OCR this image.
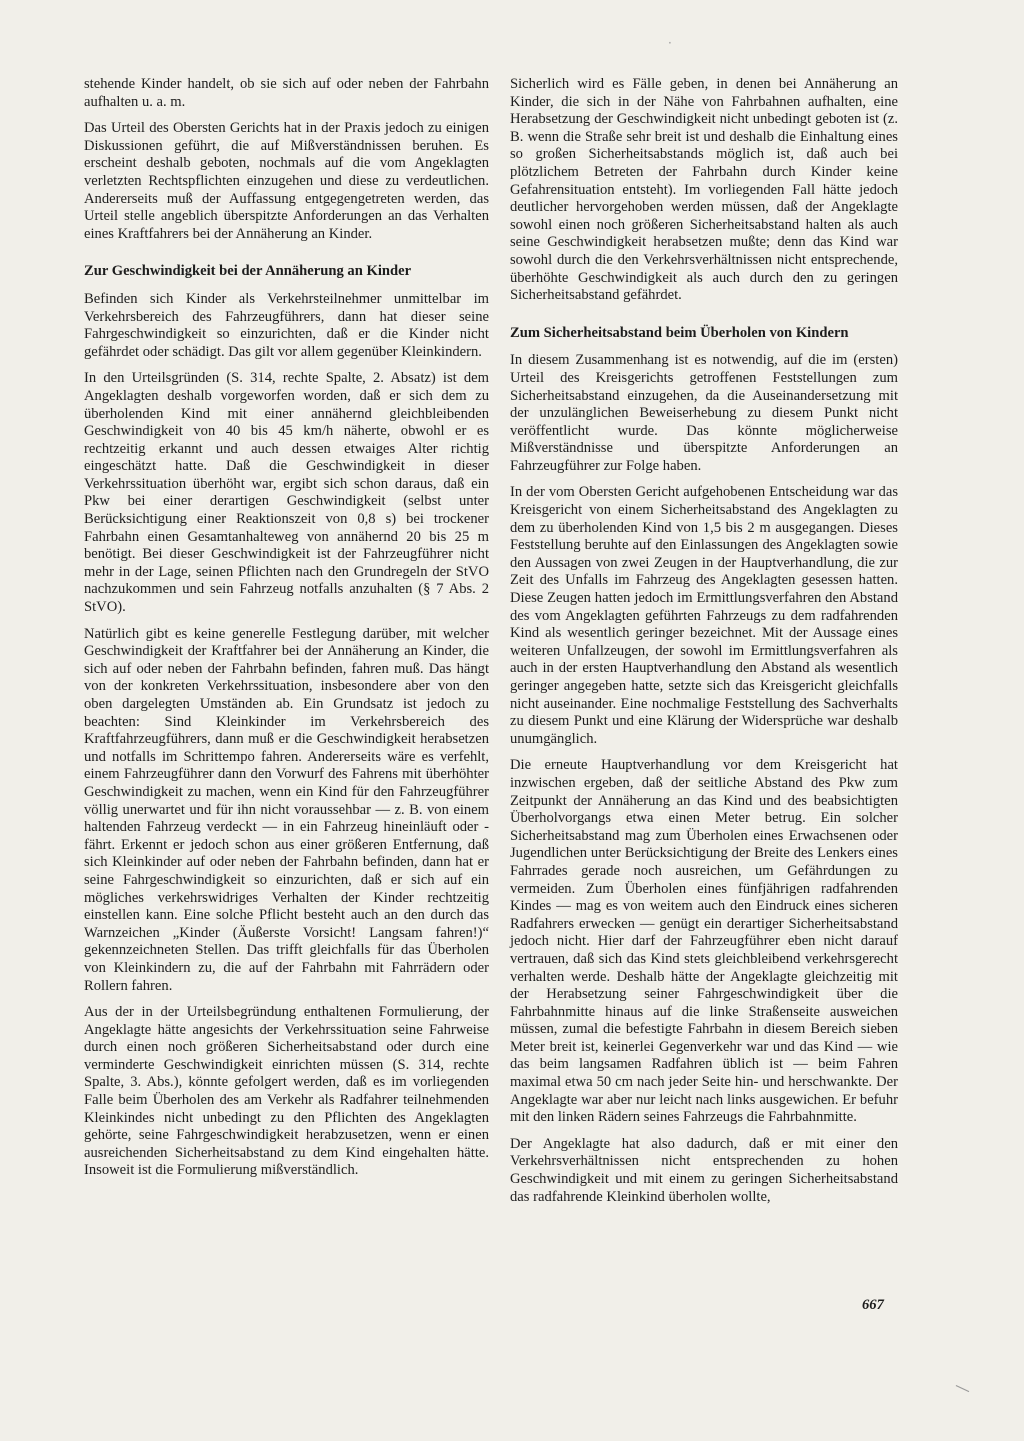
stehende Kinder handelt, ob sie sich auf oder neben der Fahrbahn aufhalten u. a. m.

Das Urteil des Obersten Gerichts hat in der Praxis jedoch zu einigen Diskussionen geführt, die auf Mißverständnissen beruhen. Es erscheint deshalb geboten, nochmals auf die vom Angeklagten verletzten Rechtspflichten einzugehen und diese zu verdeutlichen. Andererseits muß der Auffassung entgegengetreten werden, das Urteil stelle angeblich überspitzte Anforderungen an das Verhalten eines Kraftfahrers bei der Annäherung an Kinder.

Zur Geschwindigkeit bei der Annäherung an Kinder

Befinden sich Kinder als Verkehrsteilnehmer unmittelbar im Verkehrsbereich des Fahrzeugführers, dann hat dieser seine Fahrgeschwindigkeit so einzurichten, daß er die Kinder nicht gefährdet oder schädigt. Das gilt vor allem gegenüber Kleinkindern.

In den Urteilsgründen (S. 314, rechte Spalte, 2. Absatz) ist dem Angeklagten deshalb vorgeworfen worden, daß er sich dem zu überholenden Kind mit einer annähernd gleichbleibenden Geschwindigkeit von 40 bis 45 km/h näherte, obwohl er es rechtzeitig erkannt und auch dessen etwaiges Alter richtig eingeschätzt hatte. Daß die Geschwindigkeit in dieser Verkehrssituation überhöht war, ergibt sich schon daraus, daß ein Pkw bei einer derartigen Geschwindigkeit (selbst unter Berücksichtigung einer Reaktionszeit von 0,8 s) bei trockener Fahrbahn einen Gesamtanhalteweg von annähernd 20 bis 25 m benötigt. Bei dieser Geschwindigkeit ist der Fahrzeugführer nicht mehr in der Lage, seinen Pflichten nach den Grundregeln der StVO nachzukommen und sein Fahrzeug notfalls anzuhalten (§ 7 Abs. 2 StVO).

Natürlich gibt es keine generelle Festlegung darüber, mit welcher Geschwindigkeit der Kraftfahrer bei der Annäherung an Kinder, die sich auf oder neben der Fahrbahn befinden, fahren muß. Das hängt von der konkreten Verkehrssituation, insbesondere aber von den oben dargelegten Umständen ab. Ein Grundsatz ist jedoch zu beachten: Sind Kleinkinder im Verkehrsbereich des Kraftfahrzeugführers, dann muß er die Geschwindigkeit herabsetzen und notfalls im Schrittempo fahren. Andererseits wäre es verfehlt, einem Fahrzeugführer dann den Vorwurf des Fahrens mit überhöhter Geschwindigkeit zu machen, wenn ein Kind für den Fahrzeugführer völlig unerwartet und für ihn nicht voraussehbar — z. B. von einem haltenden Fahrzeug verdeckt — in ein Fahrzeug hineinläuft oder -fährt. Erkennt er jedoch schon aus einer größeren Entfernung, daß sich Kleinkinder auf oder neben der Fahrbahn befinden, dann hat er seine Fahrgeschwindigkeit so einzurichten, daß er sich auf ein mögliches verkehrswidriges Verhalten der Kinder rechtzeitig einstellen kann. Eine solche Pflicht besteht auch an den durch das Warnzeichen „Kinder (Äußerste Vorsicht! Langsam fahren!)“ gekennzeichneten Stellen. Das trifft gleichfalls für das Überholen von Kleinkindern zu, die auf der Fahrbahn mit Fahrrädern oder Rollern fahren.

Aus der in der Urteilsbegründung enthaltenen Formulierung, der Angeklagte hätte angesichts der Verkehrssituation seine Fahrweise durch einen noch größeren Sicherheitsabstand oder durch eine verminderte Geschwindigkeit einrichten müssen (S. 314, rechte Spalte, 3. Abs.), könnte gefolgert werden, daß es im vorliegenden Falle beim Überholen des am Verkehr als Radfahrer teilnehmenden Kleinkindes nicht unbedingt zu den Pflichten des Angeklagten gehörte, seine Fahrgeschwindigkeit herabzusetzen, wenn er einen ausreichenden Sicherheitsabstand zu dem Kind eingehalten hätte. Insoweit ist die Formulierung mißverständlich.

Sicherlich wird es Fälle geben, in denen bei Annäherung an Kinder, die sich in der Nähe von Fahrbahnen aufhalten, eine Herabsetzung der Geschwindigkeit nicht unbedingt geboten ist (z. B. wenn die Straße sehr breit ist und deshalb die Einhaltung eines so großen Sicherheitsabstands möglich ist, daß auch bei plötzlichem Betreten der Fahrbahn durch Kinder keine Gefahrensituation entsteht). Im vorliegenden Fall hätte jedoch deutlicher hervorgehoben werden müssen, daß der Angeklagte sowohl einen noch größeren Sicherheitsabstand halten als auch seine Geschwindigkeit herabsetzen mußte; denn das Kind war sowohl durch die den Verkehrsverhältnissen nicht entsprechende, überhöhte Geschwindigkeit als auch durch den zu geringen Sicherheitsabstand gefährdet.

Zum Sicherheitsabstand beim Überholen von Kindern

In diesem Zusammenhang ist es notwendig, auf die im (ersten) Urteil des Kreisgerichts getroffenen Feststellungen zum Sicherheitsabstand einzugehen, da die Auseinandersetzung mit der unzulänglichen Beweiserhebung zu diesem Punkt nicht veröffentlicht wurde. Das könnte möglicherweise Mißverständnisse und überspitzte Anforderungen an Fahrzeugführer zur Folge haben.

In der vom Obersten Gericht aufgehobenen Entscheidung war das Kreisgericht von einem Sicherheitsabstand des Angeklagten zu dem zu überholenden Kind von 1,5 bis 2 m ausgegangen. Dieses Feststellung beruhte auf den Einlassungen des Angeklagten sowie den Aussagen von zwei Zeugen in der Hauptverhandlung, die zur Zeit des Unfalls im Fahrzeug des Angeklagten gesessen hatten. Diese Zeugen hatten jedoch im Ermittlungsverfahren den Abstand des vom Angeklagten geführten Fahrzeugs zu dem radfahrenden Kind als wesentlich geringer bezeichnet. Mit der Aussage eines weiteren Unfallzeugen, der sowohl im Ermittlungsverfahren als auch in der ersten Hauptverhandlung den Abstand als wesentlich geringer angegeben hatte, setzte sich das Kreisgericht gleichfalls nicht auseinander. Eine nochmalige Feststellung des Sachverhalts zu diesem Punkt und eine Klärung der Widersprüche war deshalb unumgänglich.

Die erneute Hauptverhandlung vor dem Kreisgericht hat inzwischen ergeben, daß der seitliche Abstand des Pkw zum Zeitpunkt der Annäherung an das Kind und des beabsichtigten Überholvorgangs etwa einen Meter betrug. Ein solcher Sicherheitsabstand mag zum Überholen eines Erwachsenen oder Jugendlichen unter Berücksichtigung der Breite des Lenkers eines Fahrrades gerade noch ausreichen, um Gefährdungen zu vermeiden. Zum Überholen eines fünfjährigen radfahrenden Kindes — mag es von weitem auch den Eindruck eines sicheren Radfahrers erwecken — genügt ein derartiger Sicherheitsabstand jedoch nicht. Hier darf der Fahrzeugführer eben nicht darauf vertrauen, daß sich das Kind stets gleichbleibend verkehrsgerecht verhalten werde. Deshalb hätte der Angeklagte gleichzeitig mit der Herabsetzung seiner Fahrgeschwindigkeit über die Fahrbahnmitte hinaus auf die linke Straßenseite ausweichen müssen, zumal die befestigte Fahrbahn in diesem Bereich sieben Meter breit ist, keinerlei Gegenverkehr war und das Kind — wie das beim langsamen Radfahren üblich ist — beim Fahren maximal etwa 50 cm nach jeder Seite hin- und herschwankte. Der Angeklagte war aber nur leicht nach links ausgewichen. Er befuhr mit den linken Rädern seines Fahrzeugs die Fahrbahnmitte.

Der Angeklagte hat also dadurch, daß er mit einer den Verkehrsverhältnissen nicht entsprechenden zu hohen Geschwindigkeit und mit einem zu geringen Sicherheitsabstand das radfahrende Kleinkind überholen wollte,

667
·
—
